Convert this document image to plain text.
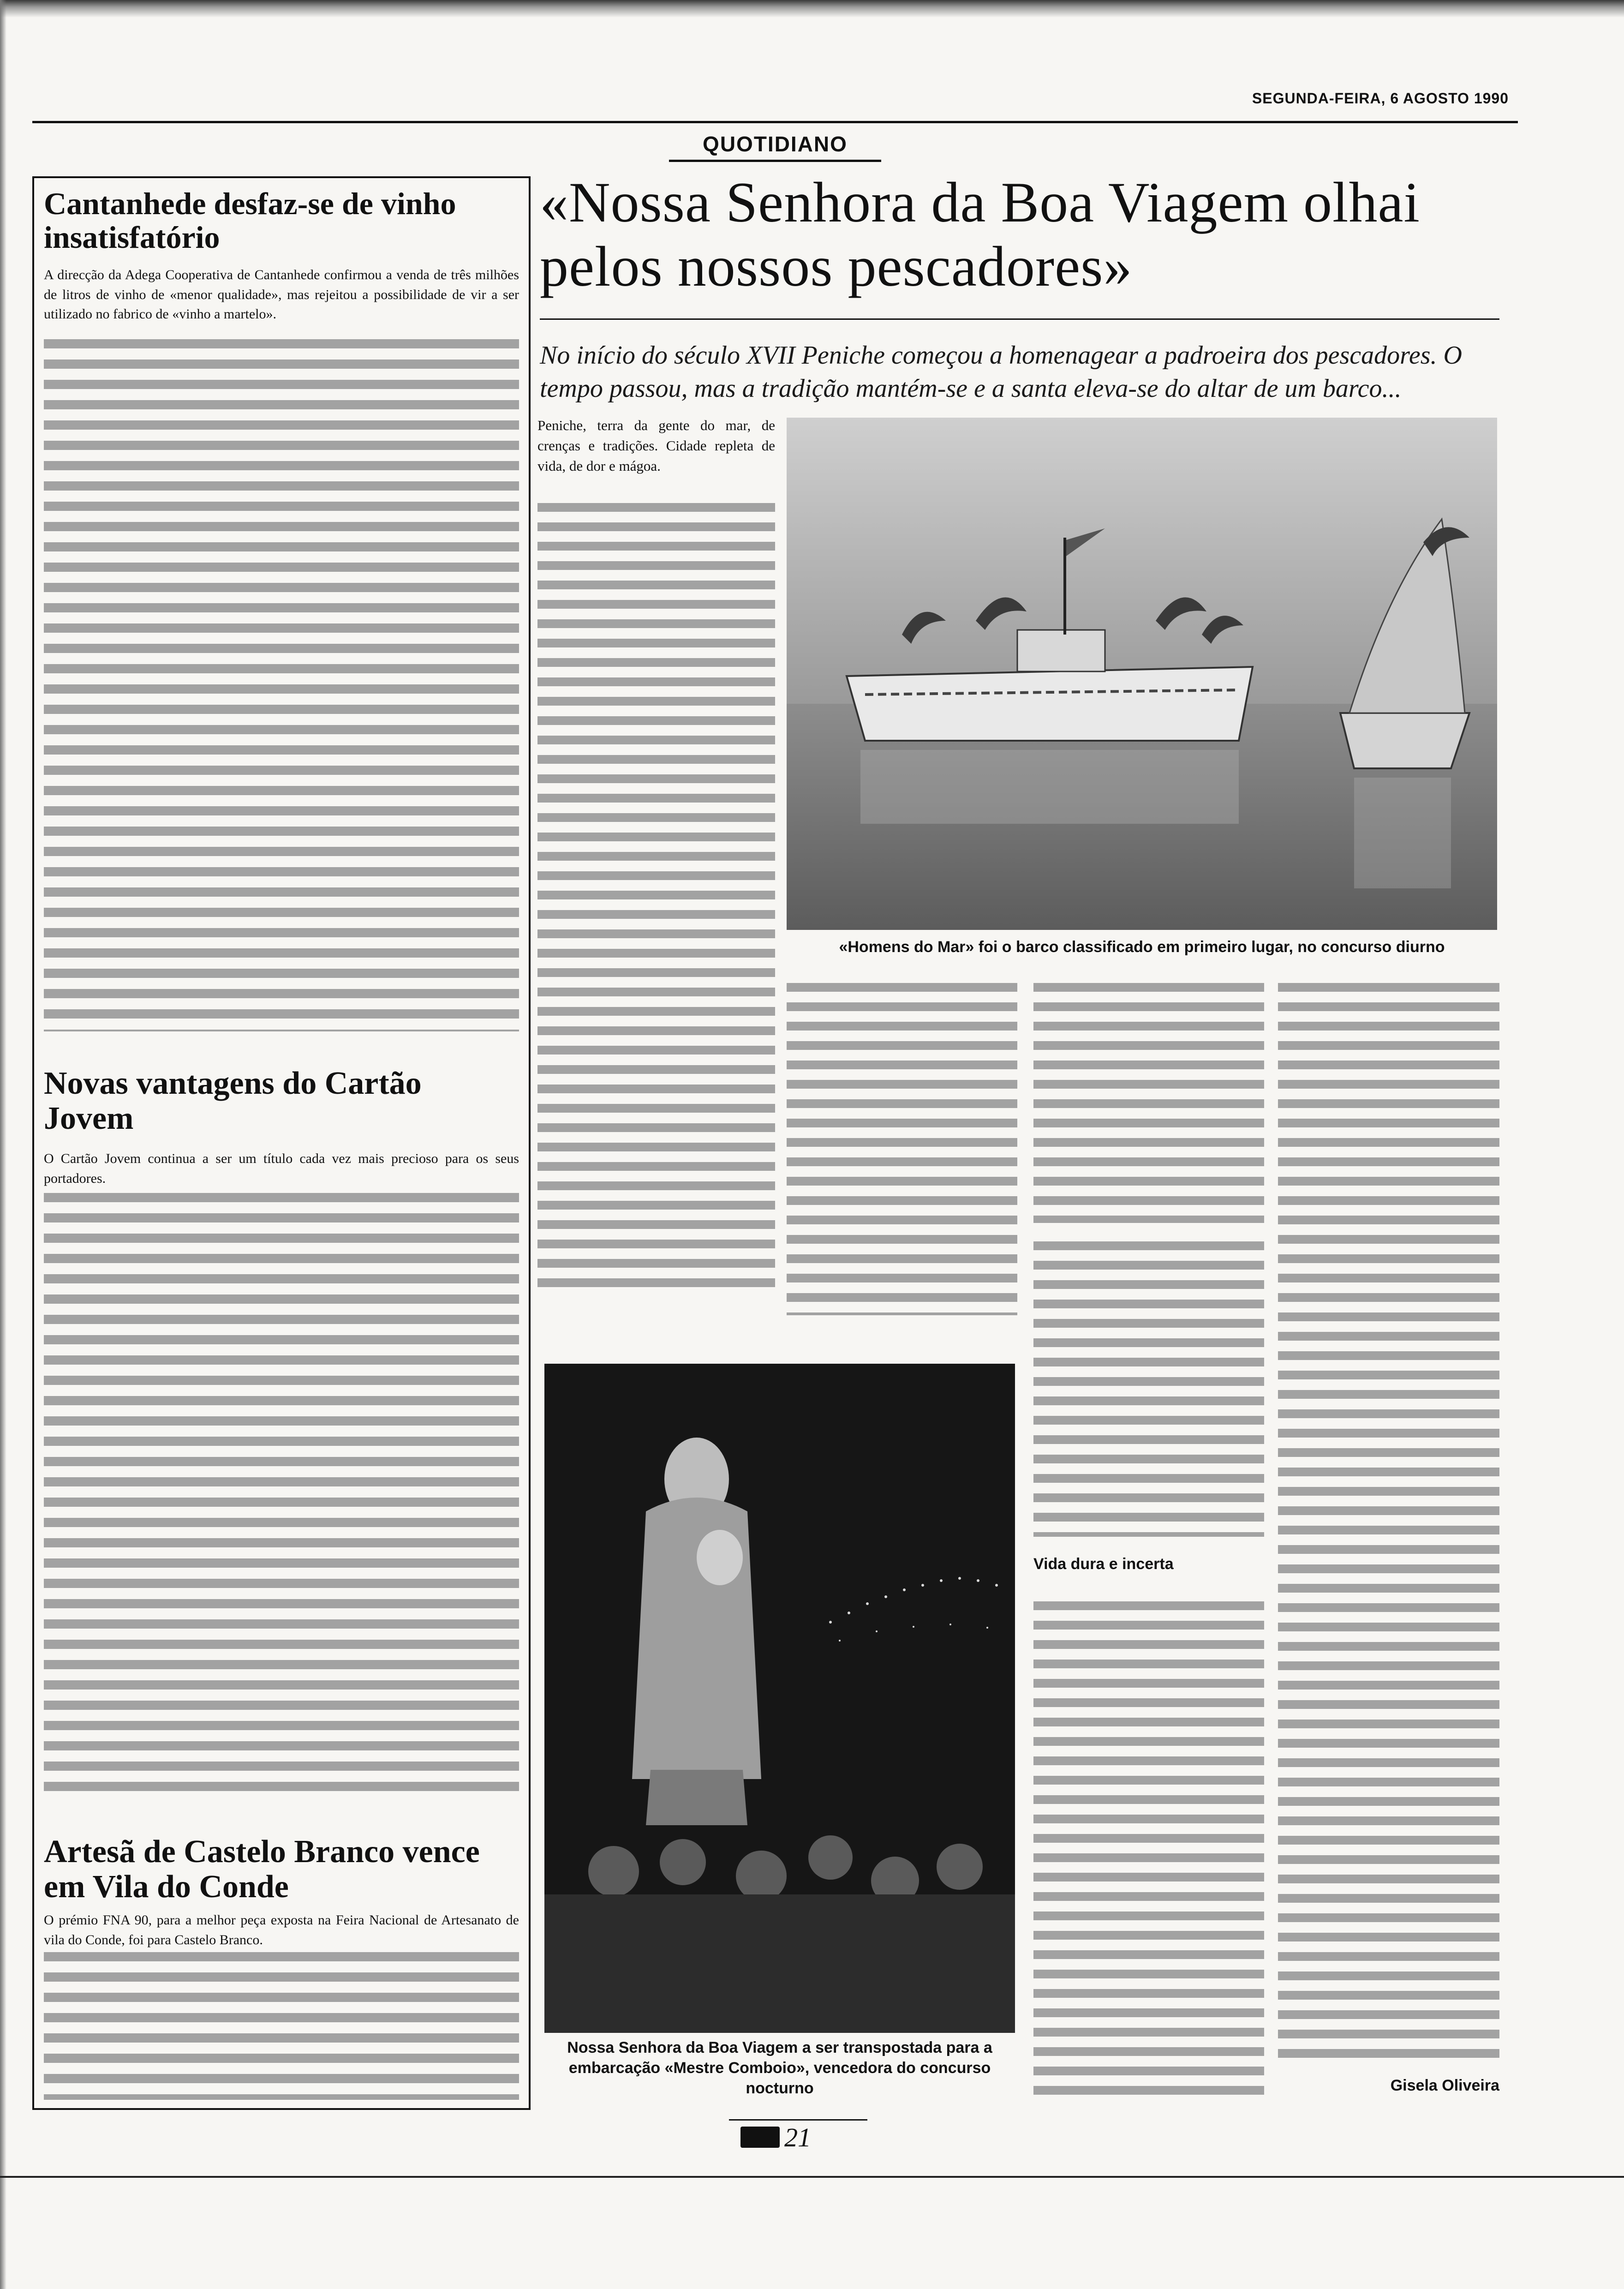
SEGUNDA-FEIRA, 6 AGOSTO 1990
QUOTIDIANO
Cantanhede desfaz-se de vinho insatisfatório
A direcção da Adega Cooperativa de Cantanhede confirmou a venda de três milhões de litros de vinho de «menor qualidade», mas rejeitou a possibilidade de vir a ser utilizado no fabrico de «vinho a martelo».
Novas vantagens do Cartão Jovem
O Cartão Jovem continua a ser um título cada vez mais precioso para os seus portadores.
Artesã de Castelo Branco vence em Vila do Conde
O prémio FNA 90, para a melhor peça exposta na Feira Nacional de Artesanato de vila do Conde, foi para Castelo Branco.
«Nossa Senhora da Boa Viagem olhai pelos nossos pescadores»
No início do século XVII Peniche começou a homenagear a padroeira dos pescadores. O tempo passou, mas a tradição mantém-se e a santa eleva-se do altar de um barco...
Peniche, terra da gente do mar, de crenças e tradições. Cidade repleta de vida, de dor e mágoa.
«Homens do Mar» foi o barco classificado em primeiro lugar, no concurso diurno
Nossa Senhora da Boa Viagem a ser transpostada para a embarcação «Mestre Comboio», vencedora do concurso nocturno
Vida dura e incerta
Gisela Oliveira
21
